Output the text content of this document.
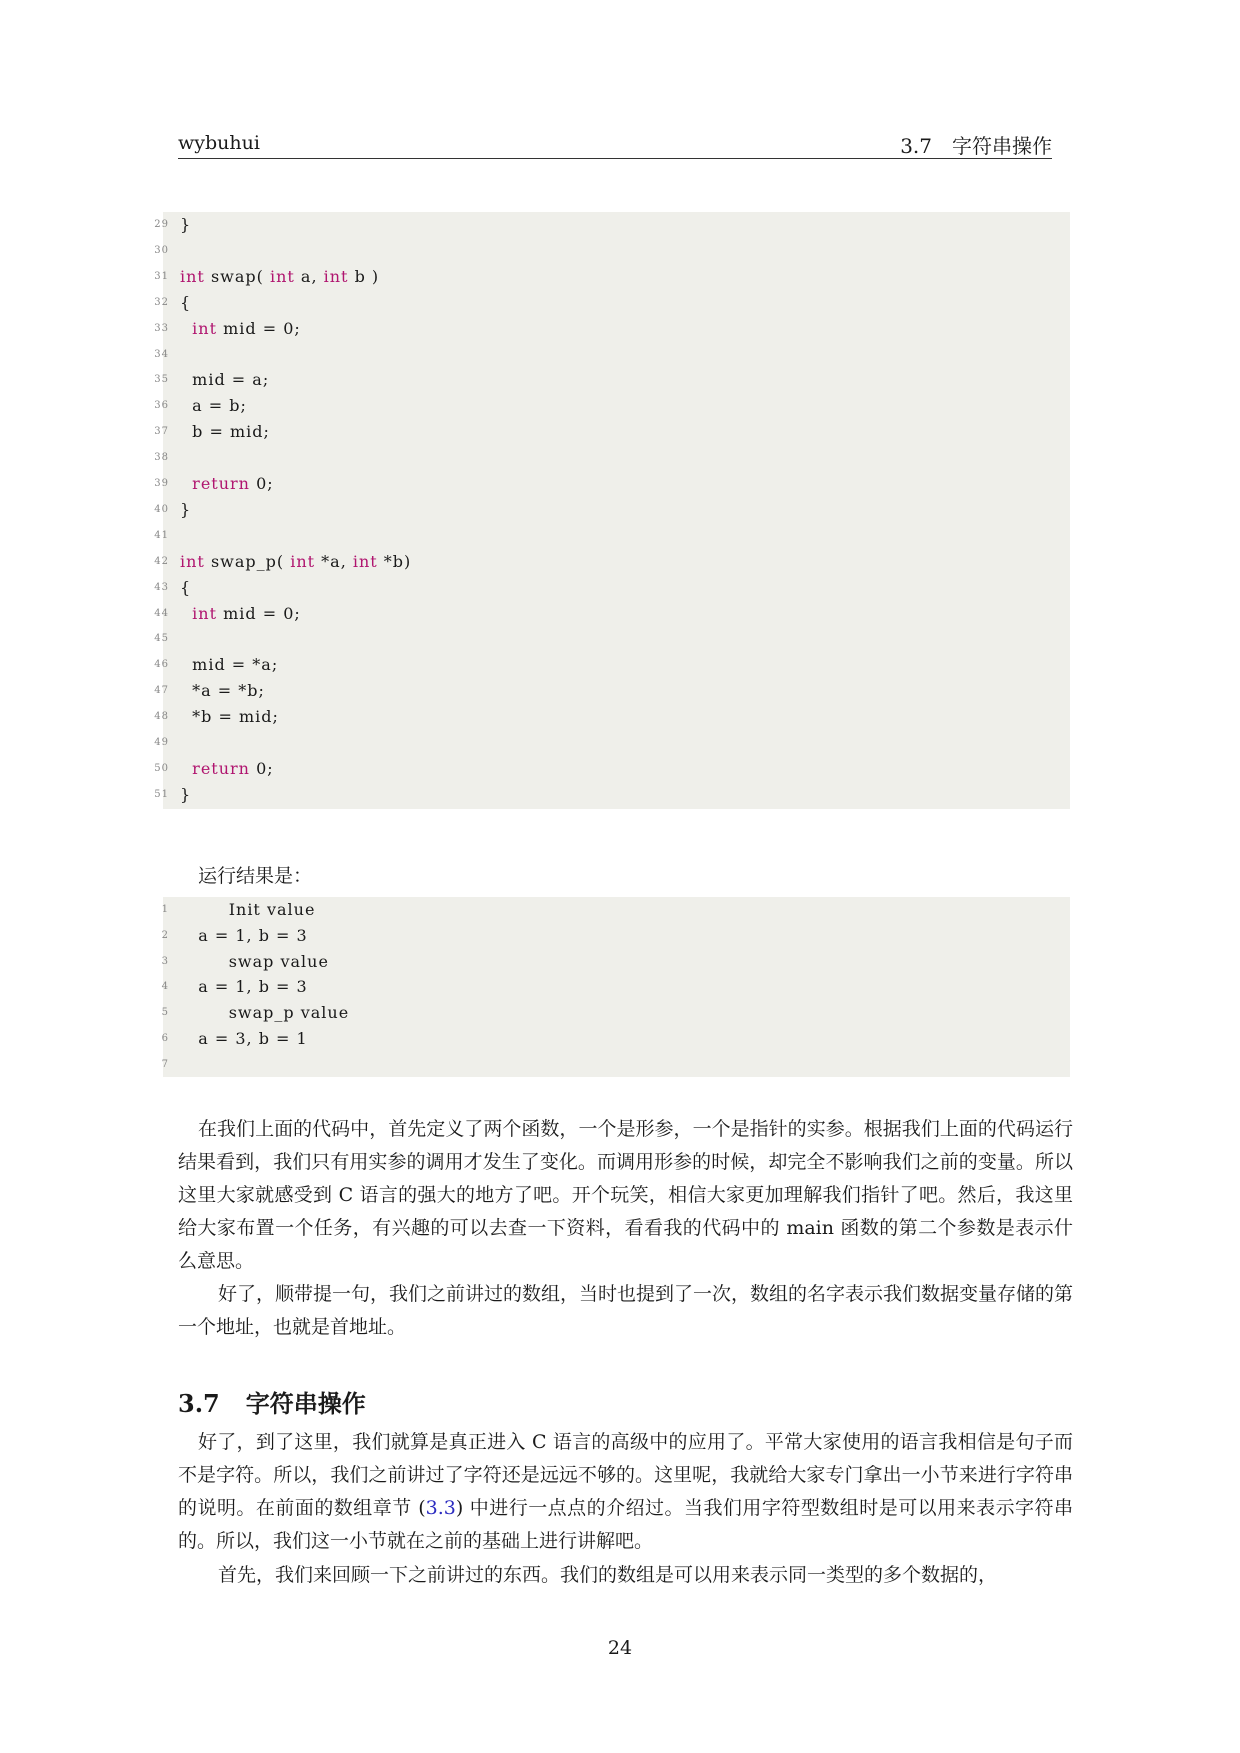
wybuhui	3.7 字符串操作
29 }
30
31 int swap( int a, int b )
32 {
33	int mid = 0;
34
35 mid = a;
36 a = b;
37 b = mid;
38
39	return 0;
40 }
41
42 int swap_p( int *a, int *b)
43 {
44	int mid = 0;
45
46 mid = *a;
47 *a = *b;
48 *b = mid;
49
50	return 0;
51 }
运行结果是：
1 Init value
2 a = 1, b = 3
3 swap value
4 a = 1, b = 3
5 swap_p value
6 a = 3, b = 1
7
在我们上面的代码中，首先定义了两个函数，一个是形参，一个是指针的实参。根据我们上面的代码运行结果看到，我们只有用实参的调用才发生了变化。而调用形参的时候，却完全不影响我们之前的变量。所以这里大家就感受到 C 语言的强大的地方了吧。开个玩笑，相信大家更加理解我们指针了吧。然后，我这里给大家布置一个任务，有兴趣的可以去查一下资料，看看我的代码中的 main 函数的第二个参数是表示什么意思。
好了，顺带提一句，我们之前讲过的数组，当时也提到了一次，数组的名字表示我们数据变量存储的第一个地址，也就是首地址。
3.7 字符串操作
好了，到了这里，我们就算是真正进入 C 语言的高级中的应用了。平常大家使用的语言我相信是句子而不是字符。所以，我们之前讲过了字符还是远远不够的。这里呢，我就给大家专门拿出一小节来进行字符串的说明。在前面的数组章节 (3.3) 中进行一点点的介绍过。当我们用字符型数组时是可以用来表示字符串的。所以，我们这一小节就在之前的基础上进行讲解吧。
首先，我们来回顾一下之前讲过的东西。我们的数组是可以用来表示同一类型的多个数据的，
24
